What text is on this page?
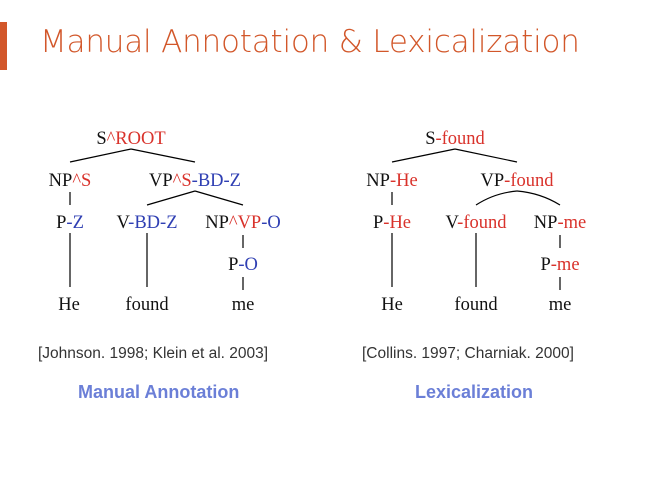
Manual Annotation & Lexicalization
S^ROOT
NP^S	VP^S-BD-Z
P-Z V-BD-Z NP^VP-O
P-O
He found	me
S-found
NP-He	VP-found
P-He V-found NP-me
P-me
He	found	me
[Johnson. 1998; Klein et al. 2003]	[Collins. 1997; Charniak. 2000]
Manual Annotation	Lexicalization
